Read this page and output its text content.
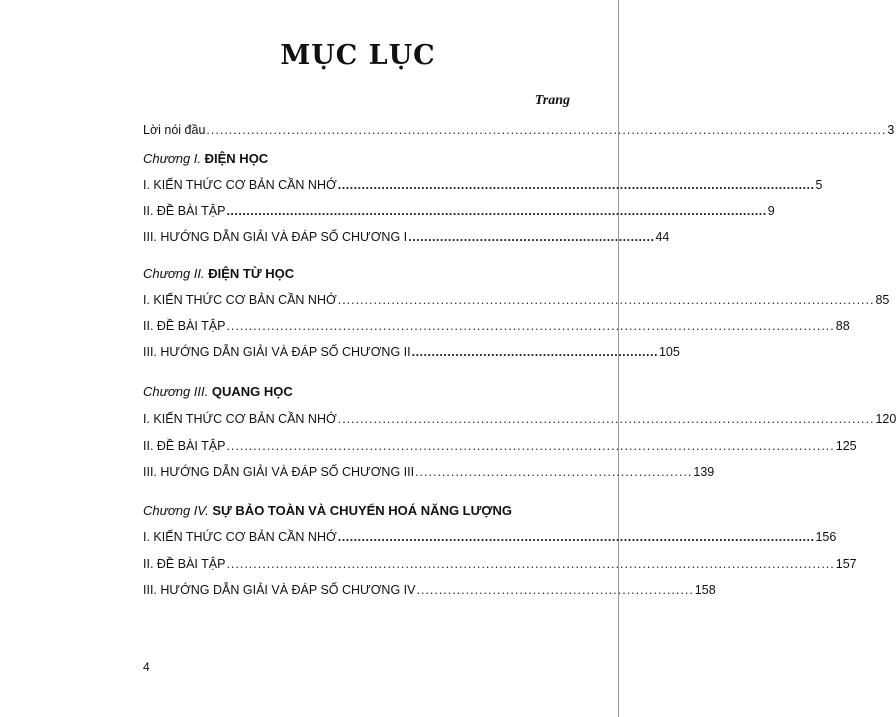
MỤC LỤC
Trang
Lời nói đầu ........................................................................................................................................................ 3
Chương I. ĐIỆN HỌC
I. KIẾN THỨC CƠ BẢN CẦN NHỚ ........................................................................................................................ 5
II. ĐỀ BÀI TẬP ........................................................................................................................................ 9
III. HƯỚNG DẪN GIẢI VÀ ĐÁP SỐ CHƯƠNG I .............................................................. 44
Chương II. ĐIỆN TỪ HỌC
I. KIẾN THỨC CƠ BẢN CẦN NHỚ ........................................................................................................................ 85
II. ĐỀ BÀI TẬP ........................................................................................................................................ 88
III. HƯỚNG DẪN GIẢI VÀ ĐÁP SỐ CHƯƠNG II .............................................................. 105
Chương III. QUANG HỌC
I. KIẾN THỨC CƠ BẢN CẦN NHỚ ........................................................................................................................ 120
II. ĐỀ BÀI TẬP ........................................................................................................................................ 125
III. HƯỚNG DẪN GIẢI VÀ ĐÁP SỐ CHƯƠNG III .............................................................. 139
Chương IV. SỰ BẢO TOÀN VÀ CHUYỂN HOÁ NĂNG LƯỢNG
I. KIẾN THỨC CƠ BẢN CẦN NHỚ ........................................................................................................................ 156
II. ĐỀ BÀI TẬP ........................................................................................................................................ 157
III. HƯỚNG DẪN GIẢI VÀ ĐÁP SỐ CHƯƠNG IV .............................................................. 158
4
